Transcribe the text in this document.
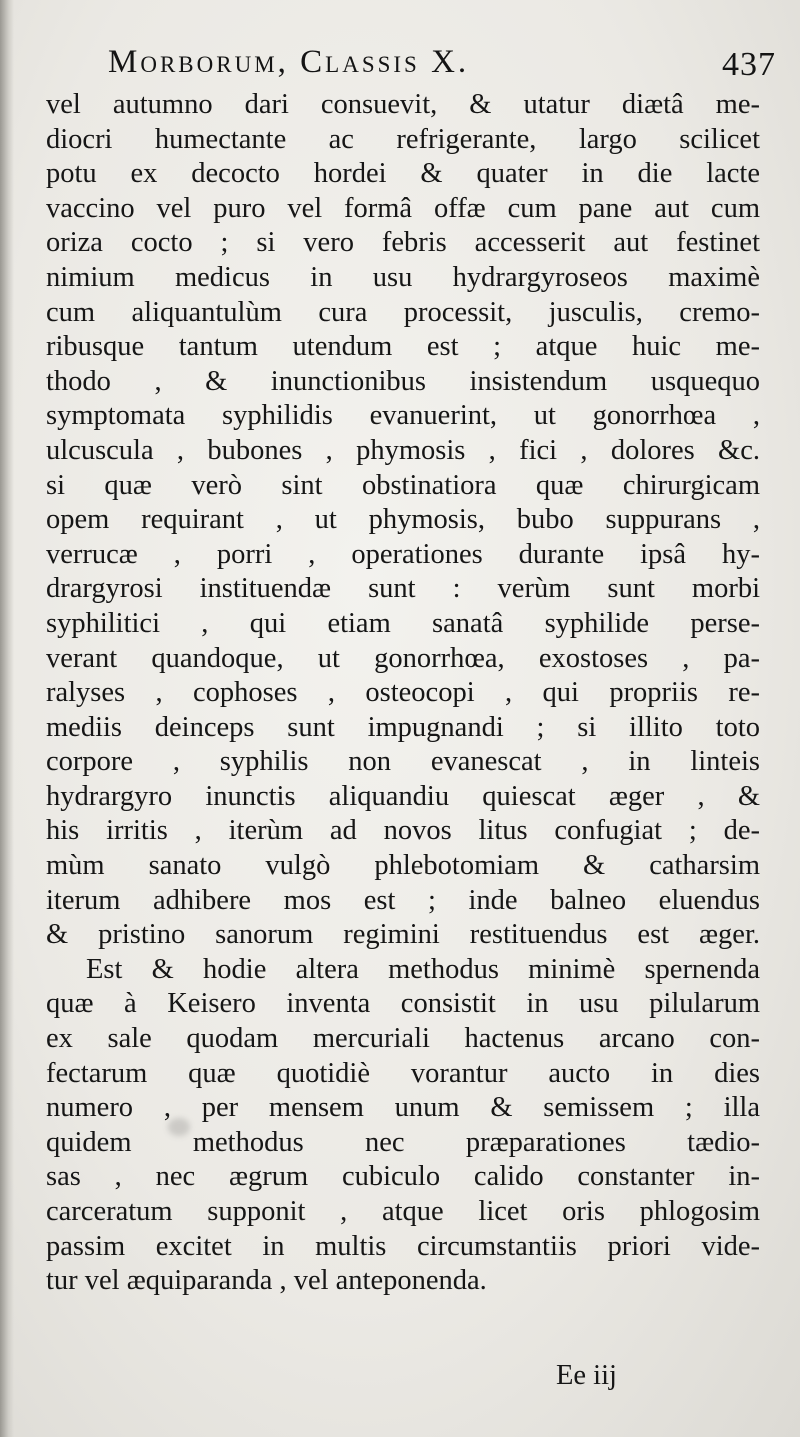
Morborum, Classis X.	437
vel autumno dari consuevit, & utatur diætâ me-
diocri humectante ac refrigerante, largo scilicet
potu ex decocto hordei & quater in die lacte
vaccino vel puro vel formâ offæ cum pane aut cum
oriza cocto ; si vero febris accesserit aut festinet
nimium medicus in usu hydrargyroseos maximè
cum aliquantulùm cura processit, jusculis, cremo-
ribusque tantum utendum est ; atque huic me-
thodo , & inunctionibus insistendum usquequo
symptomata syphilidis evanuerint, ut gonorrhœa ,
ulcuscula , bubones , phymosis , fici , dolores &c.
si quæ verò sint obstinatiora quæ chirurgicam
opem requirant , ut phymosis, bubo suppurans ,
verrucæ , porri , operationes durante ipsâ hy-
drargyrosi instituendæ sunt : verùm sunt morbi
syphilitici , qui etiam sanatâ syphilide perse-
verant quandoque, ut gonorrhœa, exostoses , pa-
ralyses , cophoses , osteocopi , qui propriis re-
mediis deinceps sunt impugnandi ; si illito toto
corpore , syphilis non evanescat , in linteis
hydrargyro inunctis aliquandiu quiescat æger , &
his irritis , iterùm ad novos litus confugiat ; de-
mùm sanato vulgò phlebotomiam & catharsim
iterum adhibere mos est ; inde balneo eluendus
& pristino sanorum regimini restituendus est æger.
Est & hodie altera methodus minimè spernenda
quæ à Keisero inventa consistit in usu pilularum
ex sale quodam mercuriali hactenus arcano con-
fectarum quæ quotidiè vorantur aucto in dies
numero , per mensem unum & semissem ; illa
quidem methodus nec præparationes tædio-
sas , nec ægrum cubiculo calido constanter in-
carceratum supponit , atque licet oris phlogosim
passim excitet in multis circumstantiis priori vide-
tur vel æquiparanda , vel anteponenda.
Ee iij
